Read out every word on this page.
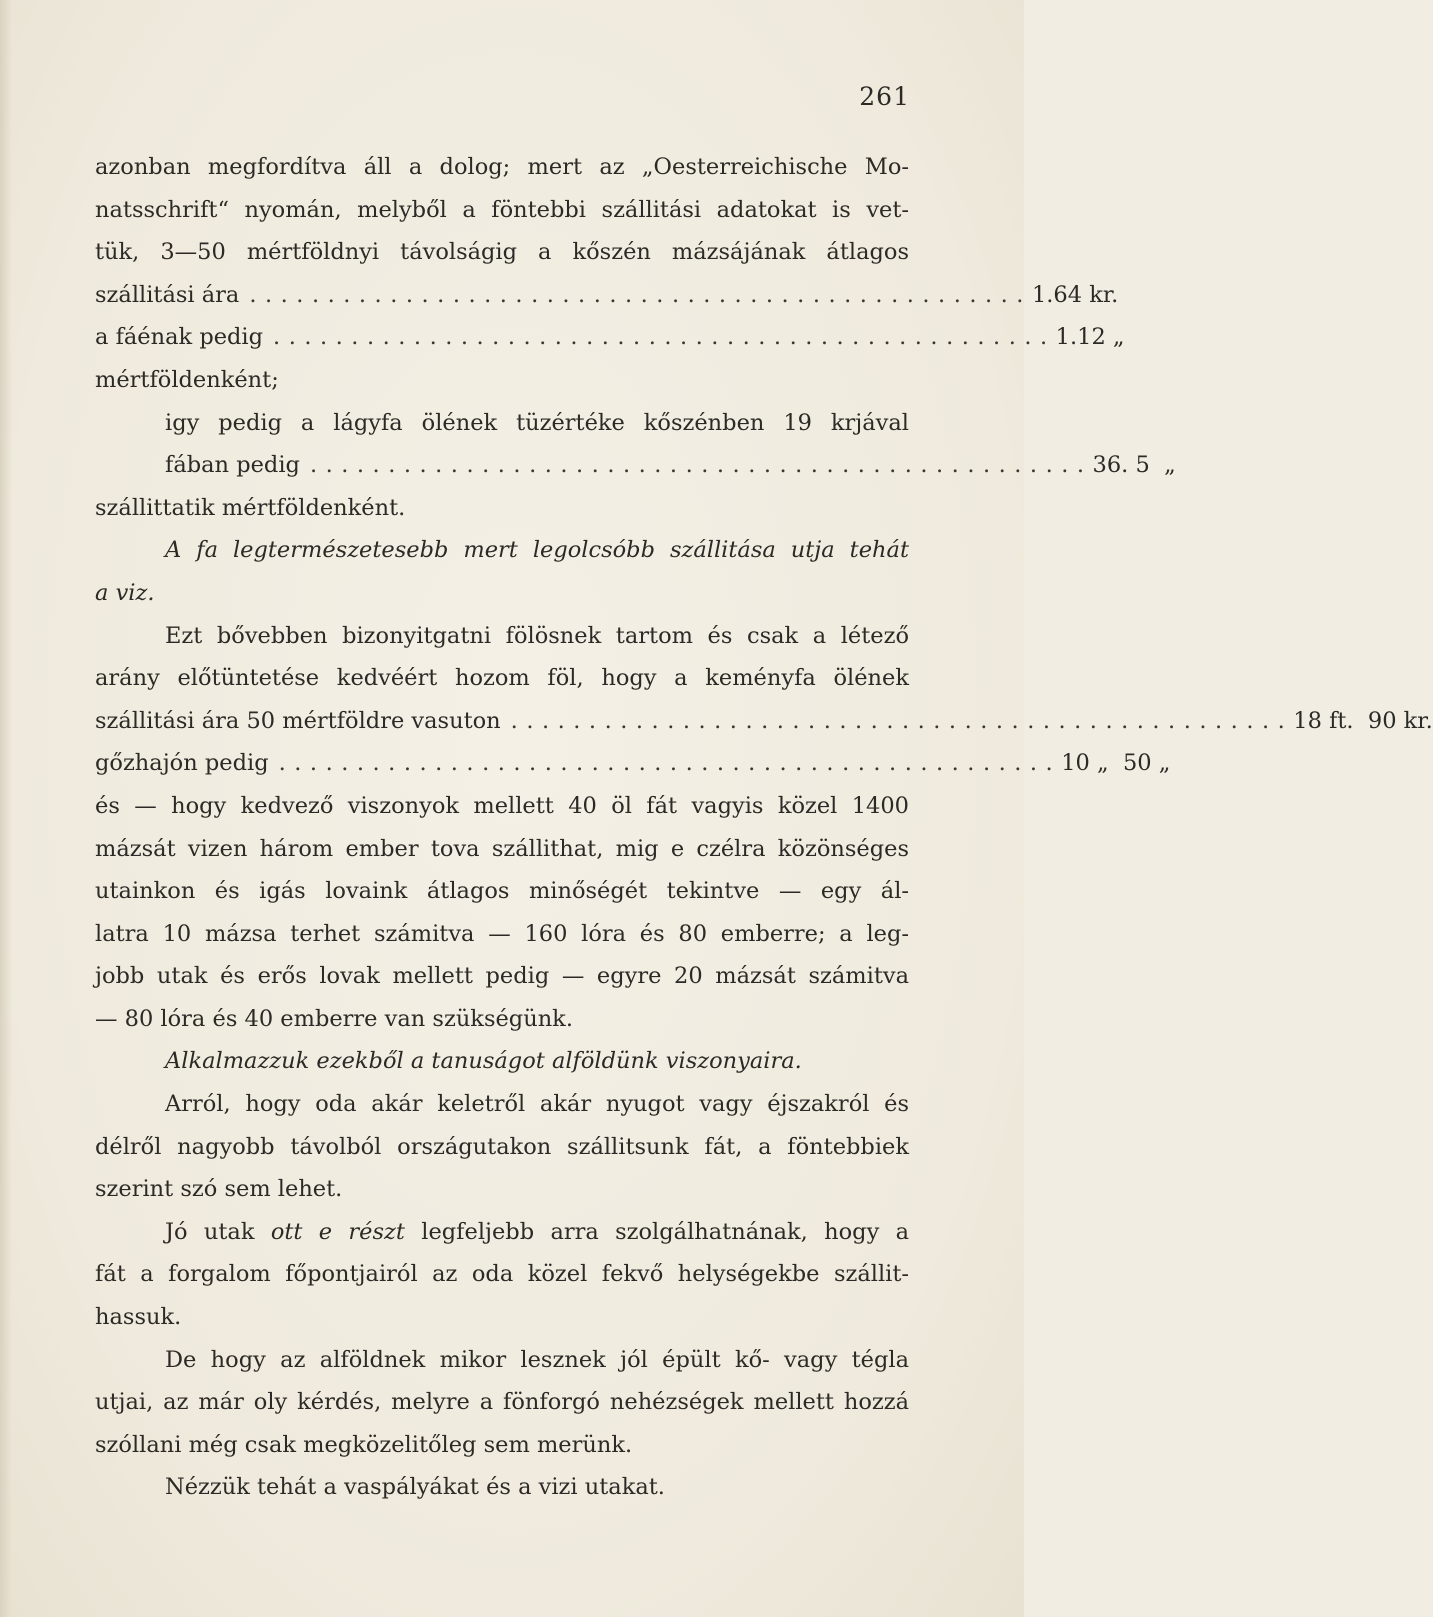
261
azonban megfordítva áll a dolog; mert az „Oesterreichische Mo-
natsschrift“ nyomán, melyből a föntebbi szállitási adatokat is vet-
tük, 3—50 mértföldnyi távolságig a kőszén mázsájának átlagos
szállitási ára .................................................. 1.64 kr.
a fáénak pedig .................................................. 1.12 „
mértföldenként;
igy pedig a lágyfa ölének tüzértéke kőszénben 19 krjával
fában pedig .................................................. 36. 5  „
szállittatik mértföldenként.
A fa legtermészetesebb mert legolcsóbb szállitása utja tehát
a viz.
Ezt bővebben bizonyitgatni fölösnek tartom és csak a létező
arány előtüntetése kedvéért hozom föl, hogy a keményfa ölének
szállitási ára 50 mértföldre vasuton .................................................. 18 ft.  90 kr.
gőzhajón pedig .................................................. 10 „  50 „
és — hogy kedvező viszonyok mellett 40 öl fát vagyis közel 1400
mázsát vizen három ember tova szállithat, mig e czélra közönséges
utainkon és igás lovaink átlagos minőségét tekintve — egy ál-
latra 10 mázsa terhet számitva — 160 lóra és 80 emberre; a leg-
jobb utak és erős lovak mellett pedig — egyre 20 mázsát számitva
— 80 lóra és 40 emberre van szükségünk.
Alkalmazzuk ezekből a tanuságot alföldünk viszonyaira.
Arról, hogy oda akár keletről akár nyugot vagy éjszakról és
délről nagyobb távolból országutakon szállitsunk fát, a föntebbiek
szerint szó sem lehet.
Jó utak ott e részt legfeljebb arra szolgálhatnának, hogy a
fát a forgalom főpontjairól az oda közel fekvő helységekbe szállit-
hassuk.
De hogy az alföldnek mikor lesznek jól épült kő- vagy tégla
utjai, az már oly kérdés, melyre a fönforgó nehézségek mellett hozzá
szóllani még csak megközelitőleg sem merünk.
Nézzük tehát a vaspályákat és a vizi utakat.
